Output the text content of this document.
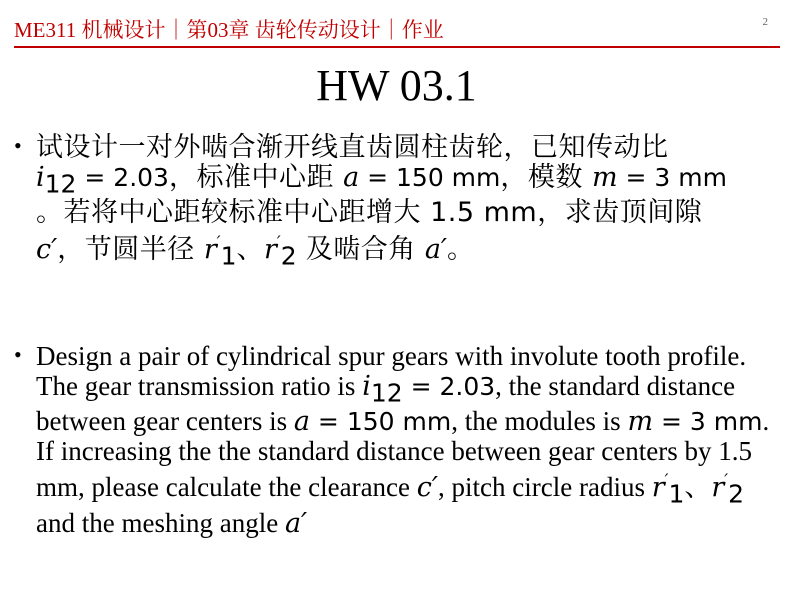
ME311 机械设计｜第03章 齿轮传动设计｜作业	2
HW 03.1
• 试设计一对外啮合渐开线直齿圆柱齿轮，已知传动比
$i_{12} = 2.03$，标准中心距 a = 150 mm，模数 m = 3 mm
。若将中心距较标准中心距增大 1.5 mm，求齿顶间隙
c′，节圆半径 $r'_1$、$r'_2$ 及啮合角 a′。
• Design a pair of cylindrical spur gears with involute tooth profile. The gear transmission ratio is $i_{12} = 2.03$, the standard distance between gear centers is a = 150 mm, the modules is m = 3 mm. If increasing the the standard distance between gear centers by 1.5 mm, please calculate the clearance c′, pitch circle radius $r'_1$、$r'_2$ and the meshing angle a′
